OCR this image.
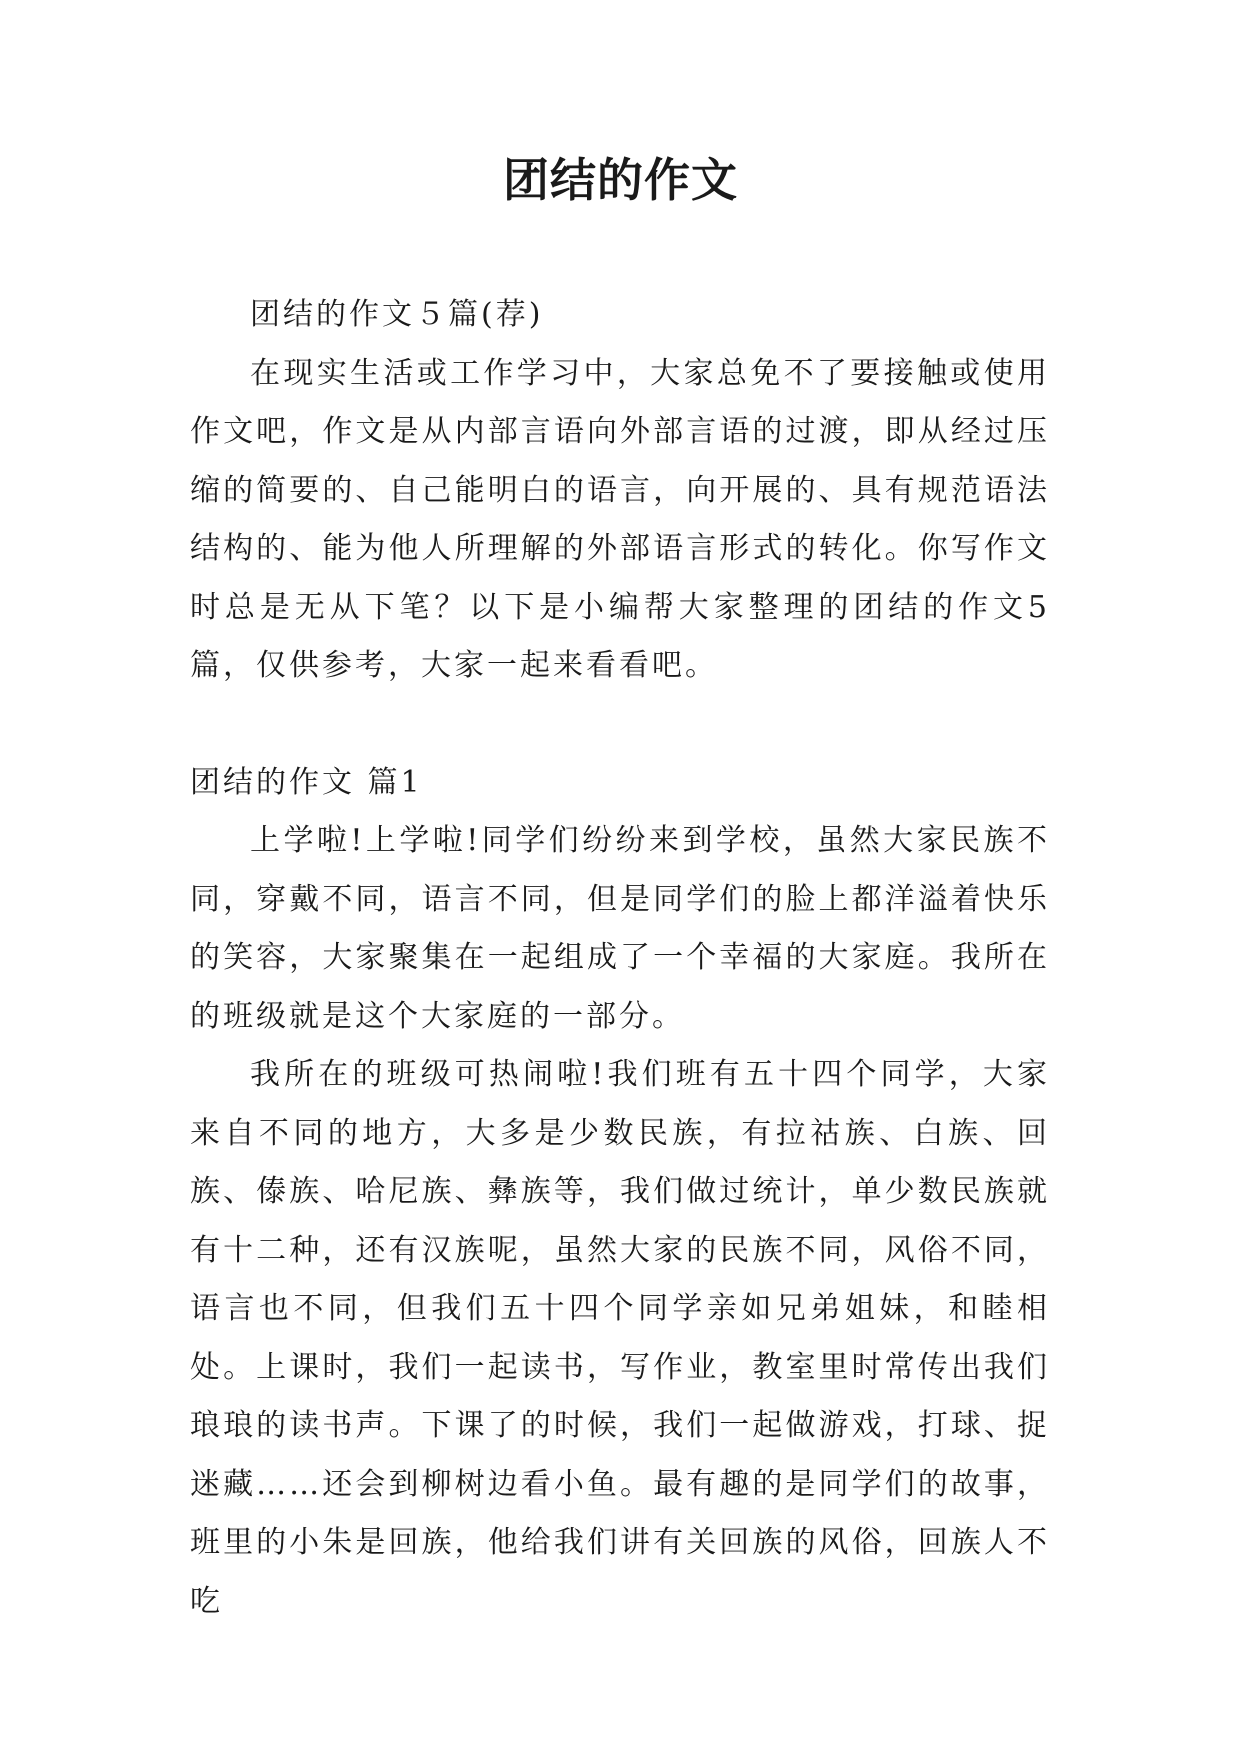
团结的作文

团结的作文５篇(荐)

在现实生活或工作学习中，大家总免不了要接触或使用作文吧，作文是从内部言语向外部言语的过渡，即从经过压缩的简要的、自己能明白的语言，向开展的、具有规范语法结构的、能为他人所理解的外部语言形式的转化。你写作文时总是无从下笔？以下是小编帮大家整理的团结的作文5篇，仅供参考，大家一起来看看吧。

团结的作文 篇1

上学啦!上学啦!同学们纷纷来到学校，虽然大家民族不同，穿戴不同，语言不同，但是同学们的脸上都洋溢着快乐的笑容，大家聚集在一起组成了一个幸福的大家庭。我所在的班级就是这个大家庭的一部分。

我所在的班级可热闹啦!我们班有五十四个同学，大家来自不同的地方，大多是少数民族，有拉祜族、白族、回族、傣族、哈尼族、彝族等，我们做过统计，单少数民族就有十二种，还有汉族呢，虽然大家的民族不同，风俗不同，语言也不同，但我们五十四个同学亲如兄弟姐妹，和睦相处。上课时，我们一起读书，写作业，教室里时常传出我们琅琅的读书声。下课了的时候，我们一起做游戏，打球、捉迷藏……还会到柳树边看小鱼。最有趣的是同学们的故事，班里的小朱是回族，他给我们讲有关回族的风俗，回族人不吃
